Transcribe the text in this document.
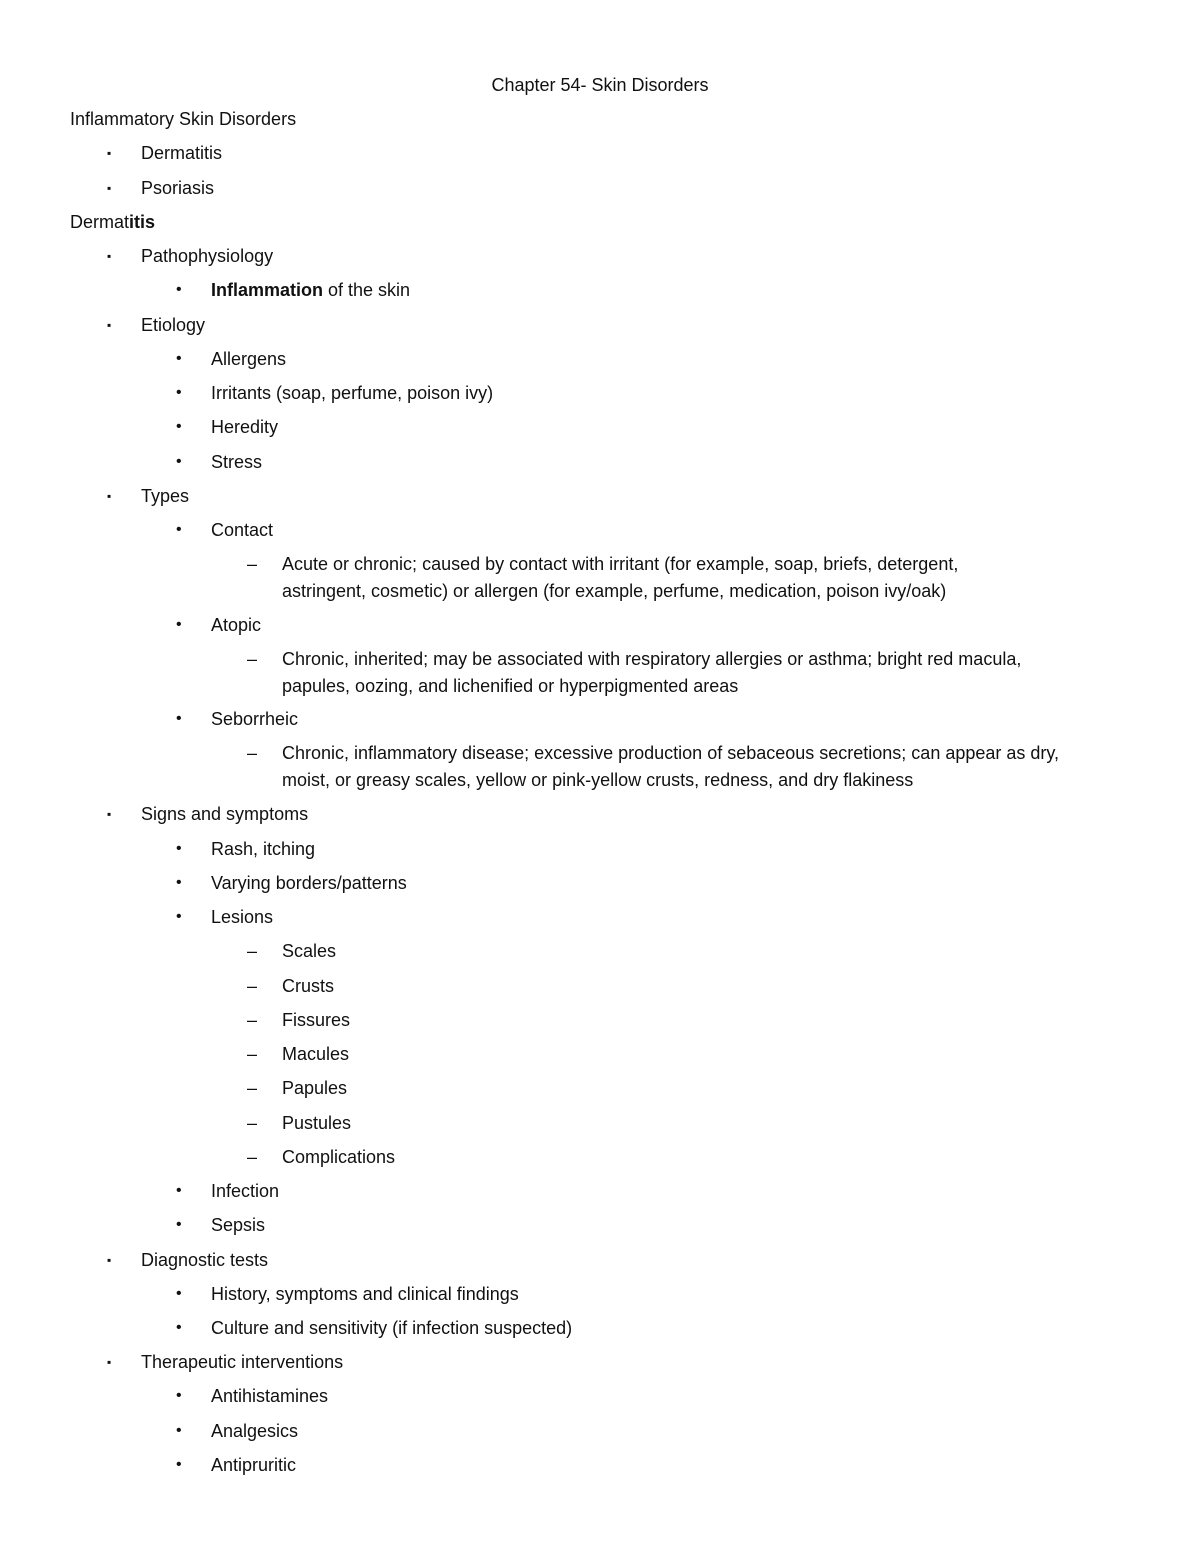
Chapter 54- Skin Disorders
Inflammatory Skin Disorders
▪ Dermatitis
▪ Psoriasis
Dermatitis
▪ Pathophysiology
• Inflammation of the skin
▪ Etiology
• Allergens
• Irritants (soap, perfume, poison ivy)
• Heredity
• Stress
▪ Types
• Contact
– Acute or chronic; caused by contact with irritant (for example, soap, briefs, detergent,
astringent, cosmetic) or allergen (for example, perfume, medication, poison ivy/oak)
• Atopic
– Chronic, inherited; may be associated with respiratory allergies or asthma; bright red macula,
papules, oozing, and lichenified or hyperpigmented areas
• Seborrheic
– Chronic, inflammatory disease; excessive production of sebaceous secretions; can appear as dry,
moist, or greasy scales, yellow or pink-yellow crusts, redness, and dry flakiness
▪ Signs and symptoms
• Rash, itching
• Varying borders/patterns
• Lesions
– Scales
– Crusts
– Fissures
– Macules
– Papules
– Pustules
– Complications
• Infection
• Sepsis
▪ Diagnostic tests
• History, symptoms and clinical findings
• Culture and sensitivity (if infection suspected)
▪ Therapeutic interventions
• Antihistamines
• Analgesics
• Antipruritic
